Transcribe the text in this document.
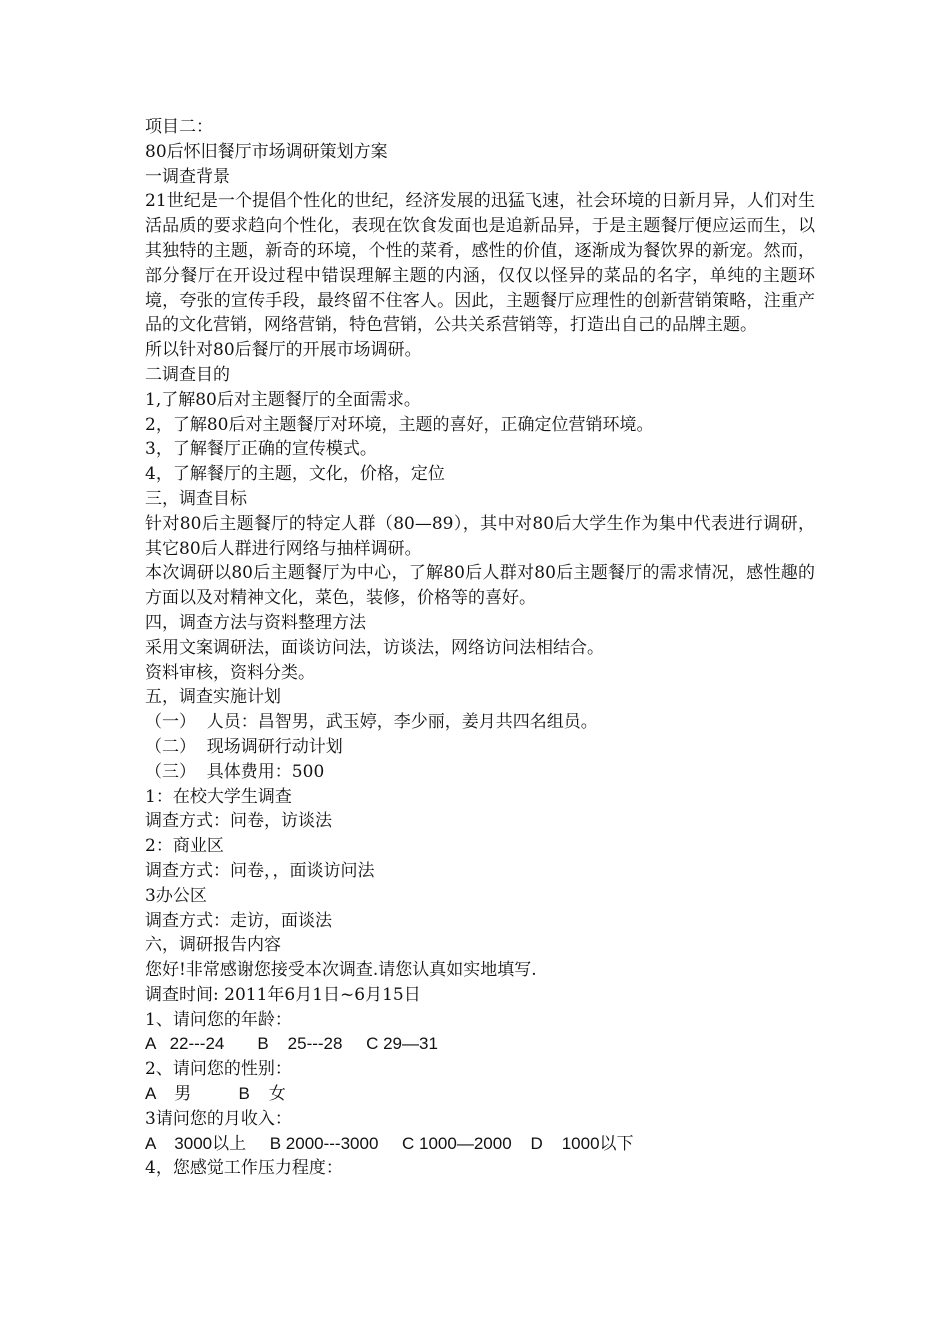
项目二：
80后怀旧餐厅市场调研策划方案
一调查背景
21世纪是一个提倡个性化的世纪，经济发展的迅猛飞速，社会环境的日新月异，人们对生活品质的要求趋向个性化，表现在饮食发面也是追新品异，于是主题餐厅便应运而生，以其独特的主题，新奇的环境，个性的菜肴，感性的价值，逐渐成为餐饮界的新宠。然而，部分餐厅在开设过程中错误理解主题的内涵，仅仅以怪异的菜品的名字，单纯的主题环境，夸张的宣传手段，最终留不住客人。因此，主题餐厅应理性的创新营销策略，注重产品的文化营销，网络营销，特色营销，公共关系营销等，打造出自己的品牌主题。
所以针对80后餐厅的开展市场调研。
二调查目的
1,了解80后对主题餐厅的全面需求。
2，了解80后对主题餐厅对环境，主题的喜好，正确定位营销环境。
3，了解餐厅正确的宣传模式。
4，了解餐厅的主题，文化，价格，定位
三，调查目标
针对80后主题餐厅的特定人群（80—89），其中对80后大学生作为集中代表进行调研，其它80后人群进行网络与抽样调研。
本次调研以80后主题餐厅为中心，了解80后人群对80后主题餐厅的需求情况，感性趣的方面以及对精神文化，菜色，装修，价格等的喜好。
四，调查方法与资料整理方法
采用文案调研法，面谈访问法，访谈法，网络访问法相结合。
资料审核，资料分类。
五，调查实施计划
（一）  人员：昌智男，武玉婷，李少丽，姜月共四名组员。
（二）  现场调研行动计划
（三）  具体费用：500
1：在校大学生调查
调查方式：问卷，访谈法
2：商业区
调查方式：问卷，，面谈访问法
3办公区
调查方式：走访，面谈法
六，调研报告内容
您好!非常感谢您接受本次调查.请您认真如实地填写.
调查时间: 2011年6月1日~6月15日
1、请问您的年龄：
A   22---24       B    25---28     C 29—31
2、请问您的性别：
A    男          B    女
3请问您的月收入：
A    3000以上     B 2000---3000     C 1000—2000    D    1000以下
4，您感觉工作压力程度：
